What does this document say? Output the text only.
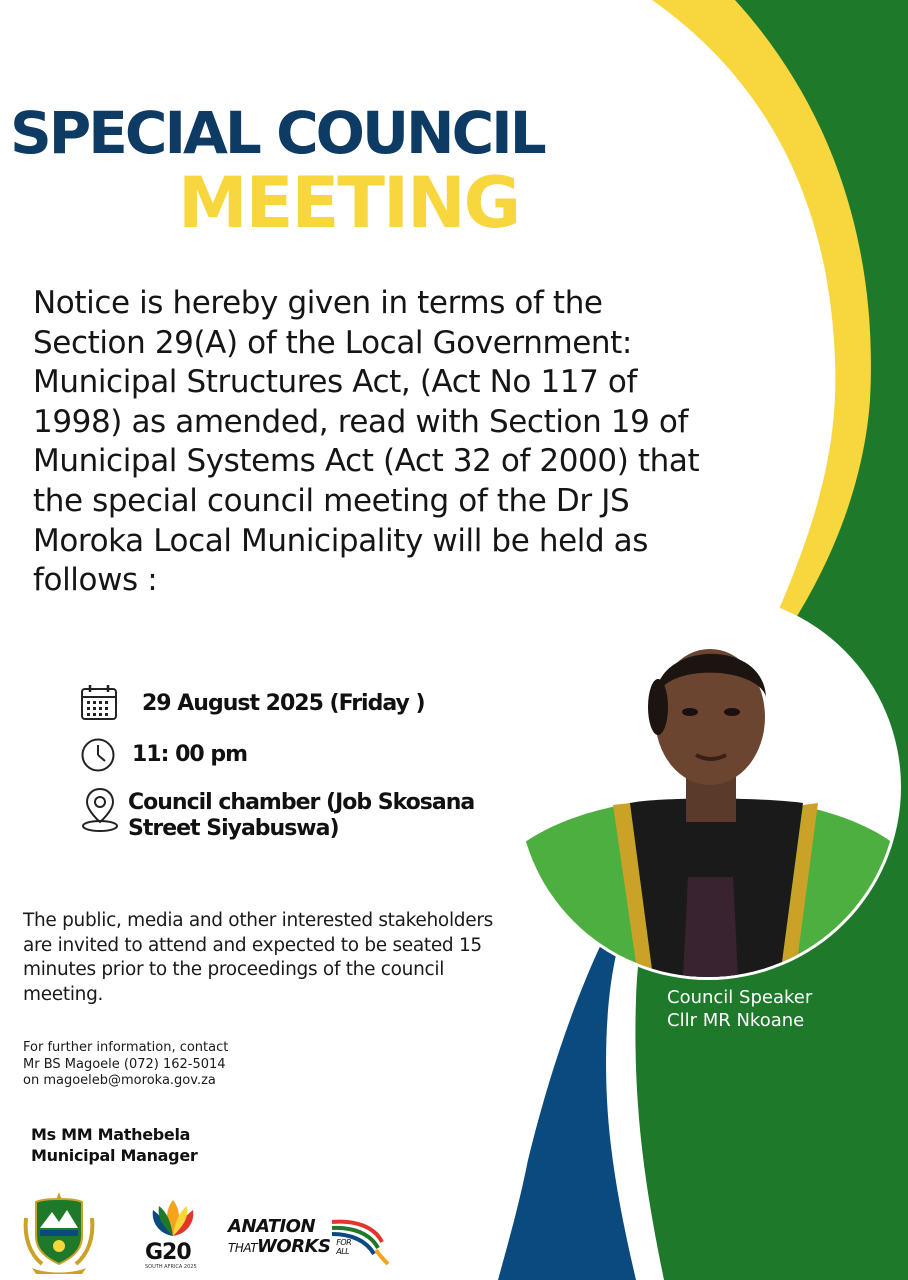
SPECIAL COUNCIL
MEETING

Notice is hereby given in terms of the Section 29(A) of the Local Government: Municipal Structures Act, (Act No 117 of 1998) as amended, read with Section 19 of Municipal Systems Act (Act 32 of 2000) that the special council meeting of the Dr JS Moroka Local Municipality will be held as follows :

29 August 2025 (Friday )
11: 00 pm
Council chamber (Job Skosana
Street Siyabuswa)

The public, media and other interested stakeholders are invited to attend and expected to be seated 15 minutes prior to the proceedings of the council meeting.

For further information, contact
Mr BS Magoele (072) 162-5014
on magoeleb@moroka.gov.za
Ms MM Mathebela
Municipal Manager
Council Speaker
Cllr MR Nkoane
G20
SOUTH AFRICA 2025
ANATION
THATWORKS FOR
ALL
